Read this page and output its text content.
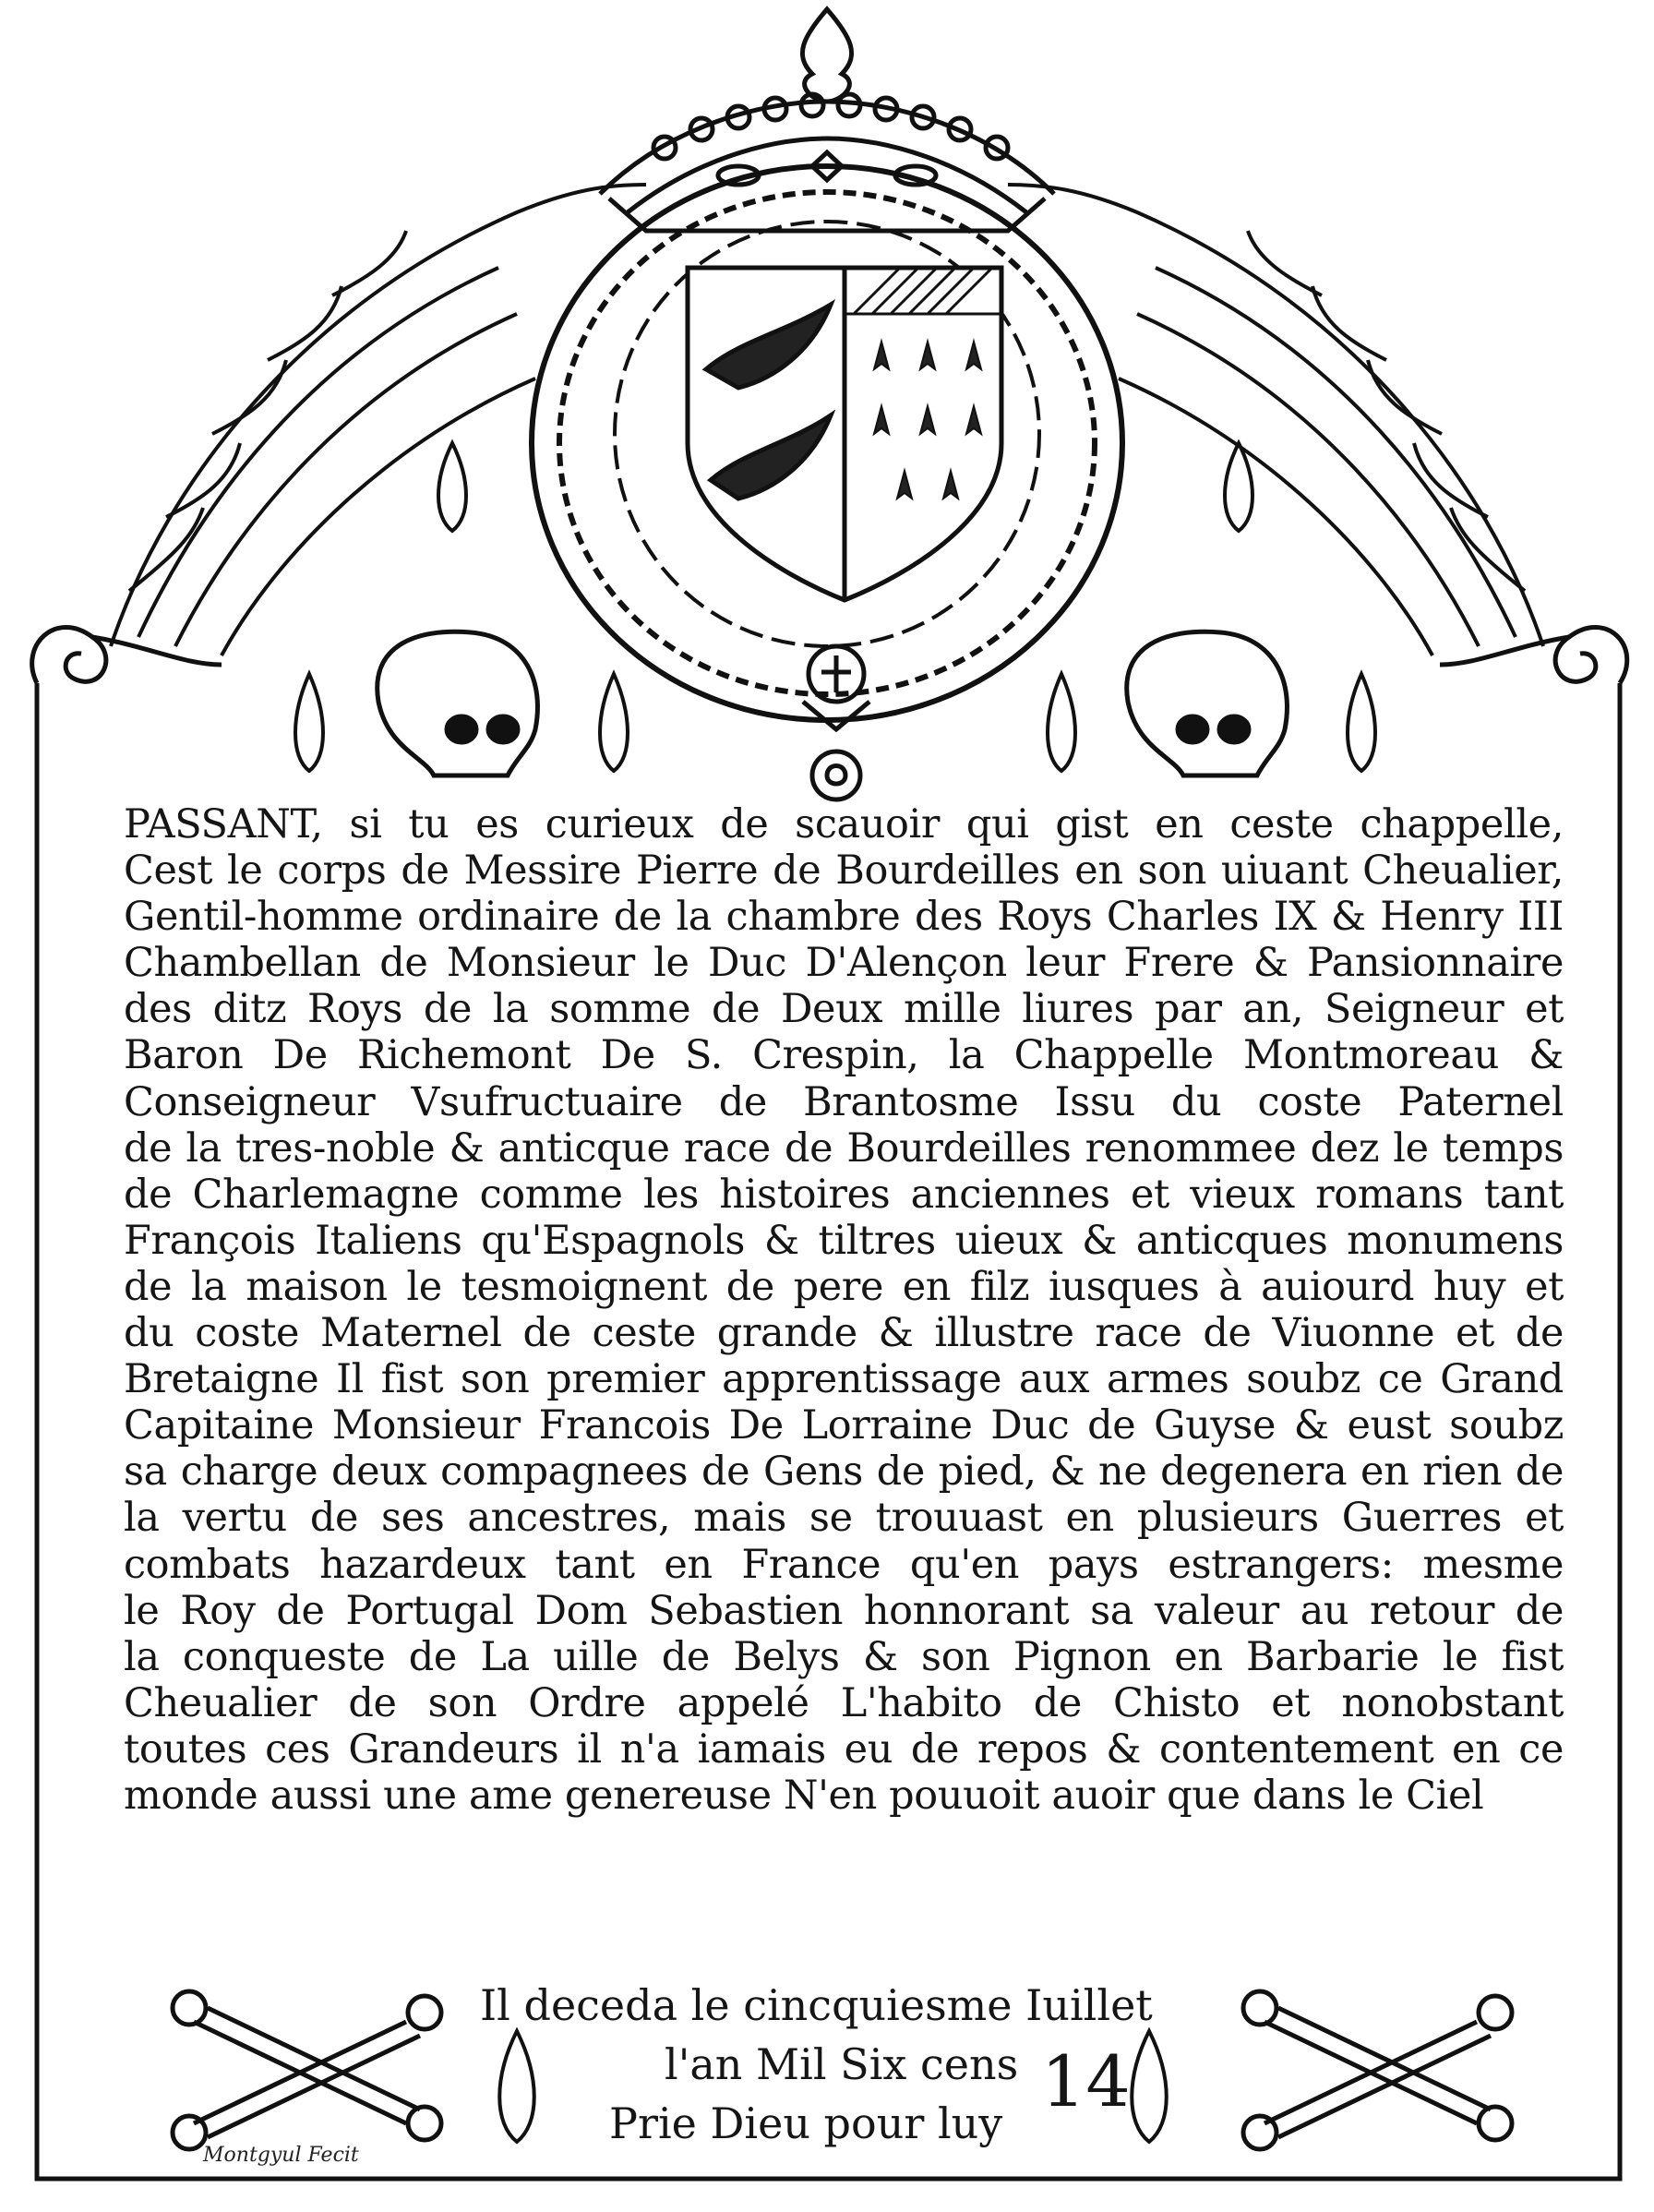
PASSANT, si tu es curieux de scauoir qui gist en ceste chappelle,
Cest le corps de Messire Pierre de Bourdeilles en son uiuant Cheualier,
Gentil-homme ordinaire de la chambre des Roys Charles IX & Henry III
Chambellan de Monsieur le Duc D'Alençon leur Frere & Pansionnaire
des ditz Roys de la somme de Deux mille liures par an, Seigneur et
Baron De Richemont De S. Crespin, la Chappelle Montmoreau &
Conseigneur Vsufructuaire de Brantosme Issu du coste Paternel
de la tres-noble & anticque race de Bourdeilles renommee dez le temps
de Charlemagne comme les histoires anciennes et vieux romans tant
François Italiens qu'Espagnols & tiltres uieux & anticques monumens
de la maison le tesmoignent de pere en filz iusques à auiourd huy et
du coste Maternel de ceste grande & illustre race de Viuonne et de
Bretaigne Il fist son premier apprentissage aux armes soubz ce Grand
Capitaine Monsieur Francois De Lorraine Duc de Guyse & eust soubz
sa charge deux compagnees de Gens de pied, & ne degenera en rien de
la vertu de ses ancestres, mais se trouuast en plusieurs Guerres et
combats hazardeux tant en France qu'en pays estrangers: mesme
le Roy de Portugal Dom Sebastien honnorant sa valeur au retour de
la conqueste de La uille de Belys & son Pignon en Barbarie le fist
Cheualier de son Ordre appelé L'habito de Chisto et nonobstant
toutes ces Grandeurs il n'a iamais eu de repos & contentement en ce
monde aussi une ame genereuse N'en pouuoit auoir que dans le Ciel
Il deceda le cincquiesme Iuillet
l'an Mil Six cens
Prie Dieu pour luy
14
Montgyul Fecit
